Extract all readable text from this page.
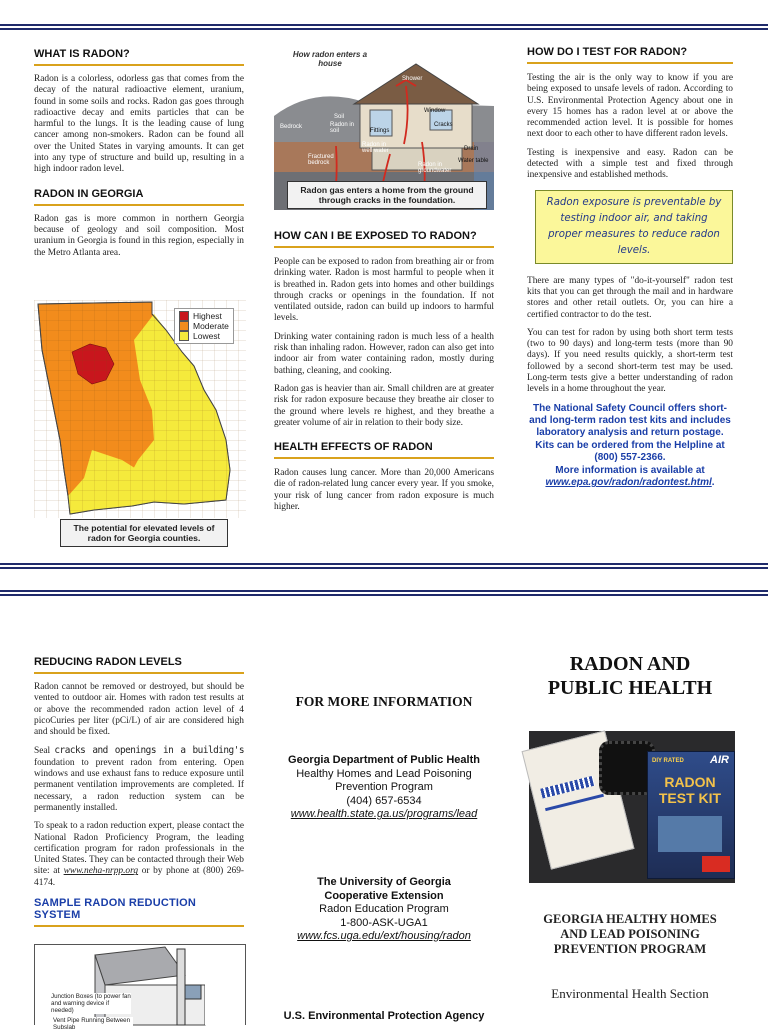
WHAT IS RADON?

Radon is a colorless, odorless gas that comes from the decay of the natural radioactive element, uranium, found in some soils and rocks. Radon gas goes through radioactive decay and emits particles that can be harmful to the lungs. It is the leading cause of lung cancer among non-smokers. Radon can be found all over the United States in varying amounts. It can get into any type of structure and build up, resulting in a high indoor radon level.

RADON IN GEORGIA

Radon gas is more common in northern Georgia because of geology and soil composition. Most uranium in Georgia is found in this region, especially in the Metro Atlanta area.

Highest
Moderate
Lowest
The potential for elevated levels of radon for Georgia counties.
How radon enters a house
Shower
Window
Cracks
Soil
Radon in soil
Bedrock
Fittings
Fractured bedrock
Radon in well water
Radon in groundwater
Drain
Water table
Radon gas enters a home from the ground through cracks in the foundation.
HOW CAN I BE EXPOSED TO RADON?

People can be exposed to radon from breathing air or from drinking water. Radon is most harmful to people when it is breathed in. Radon gets into homes and other buildings through cracks or openings in the foundation. If not ventilated outside, radon can build up indoors to harmful levels.

Drinking water containing radon is much less of a health risk than inhaling radon. However, radon can also get into indoor air from water containing radon, mostly during bathing, cleaning, and cooking.

Radon gas is heavier than air. Small children are at greater risk for radon exposure because they breathe air closer to the ground where levels re highest, and they breathe a greater volume of air in relation to their body size.

HEALTH EFFECTS OF RADON

Radon causes lung cancer. More than 20,000 Americans die of radon-related lung cancer every year. If you smoke, your risk of lung cancer from radon exposure is much higher.

HOW DO I TEST FOR RADON?

Testing the air is the only way to know if you are being exposed to unsafe levels of radon. According to U.S. Environmental Protection Agency about one in every 15 homes has a radon level at or above the recommended action level. It is possible for homes next door to each other to have different radon levels.

Testing is inexpensive and easy. Radon can be detected with a simple test and fixed through inexpensive and established methods.

Radon exposure is preventable by testing indoor air, and taking proper measures to reduce radon levels.

There are many types of "do-it-yourself" radon test kits that you can get through the mail and in hardware stores and other retail outlets. Or, you can hire a certified contractor to do the test.

You can test for radon by using both short term tests (two to 90 days) and long-term tests (more than 90 days). If you need results quickly, a short-term test followed by a second short-term test may be used. Long-term tests give a better understanding of radon levels in a home throughout the year.

The National Safety Council offers short- and long-term radon test kits and includes laboratory analysis and return postage. Kits can be ordered from the Helpline at (800) 557-2366.
More information is available at
www.epa.gov/radon/radontest.html.
REDUCING RADON LEVELS

Radon cannot be removed or destroyed, but should be vented to outdoor air. Homes with radon test results at or above the recommended radon action level of 4 picoCuries per liter (pCi/L) of air are considered high and should be fixed.

Seal cracks and openings in a building's foundation to prevent radon from entering. Open windows and use exhaust fans to reduce exposure until permanent ventilation improvements are completed. If necessary, a radon reduction system can be permanently installed.

To speak to a radon reduction expert, please contact the National Radon Proficiency Program, the leading certification program for radon professionals in the United States. They can be contacted through their Web site: at www.neha-nrpp.org or by phone at (800) 269-4174.

SAMPLE RADON REDUCTION SYSTEM
Junction Boxes (to power fan and warning device if needed)
Vent Pipe Running Between Subslab
FOR MORE INFORMATION
Georgia Department of Public Health
Healthy Homes and Lead Poisoning
Prevention Program
(404) 657-6534
www.health.state.ga.us/programs/lead
The University of Georgia
Cooperative Extension
Radon Education Program
1-800-ASK-UGA1
www.fcs.uga.edu/ext/housing/radon
U.S. Environmental Protection Agency
RADON AND
PUBLIC HEALTH
DIY RATED AIR
RADON
TEST KIT
GEORGIA HEALTHY HOMES
AND LEAD POISONING
PREVENTION PROGRAM
Environmental Health Section
